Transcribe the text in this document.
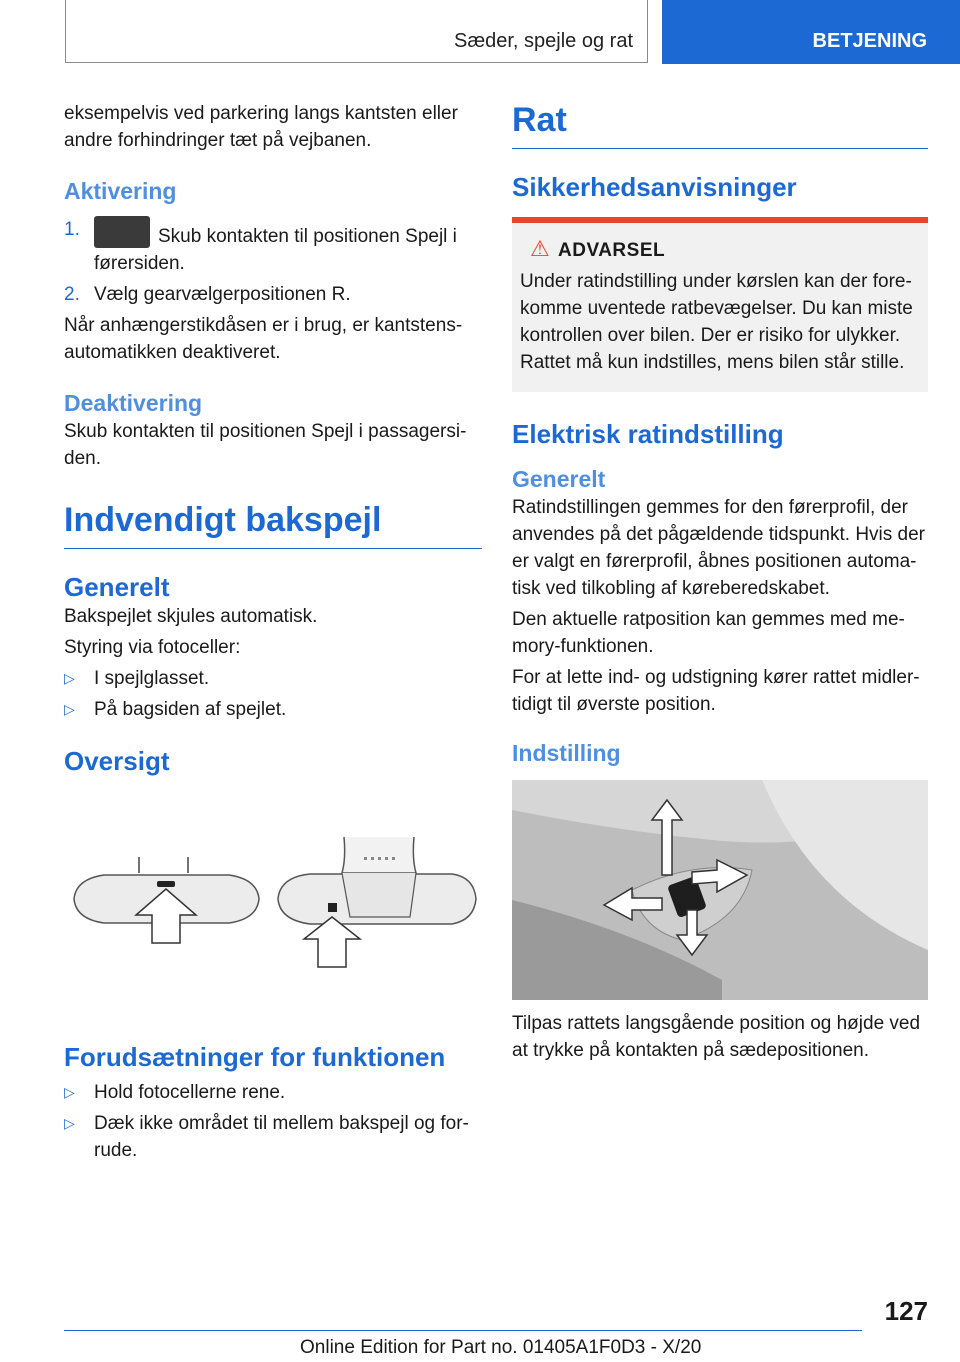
Sæder, spejle og rat	BETJENING

eksempelvis ved parkering langs kantsten eller andre forhindringer tæt på vejbanen.

Aktivering
1.	Skub kontakten til positionen Spejl i førersiden.
2. Vælg gearvælgerpositionen R.

Når anhængerstikdåsen er i brug, er kantstens-automatikken deaktiveret.

Deaktivering

Skub kontakten til positionen Spejl i passagersi-den.

Indvendigt bakspejl
Generelt

Bakspejlet skjules automatisk.

Styring via fotoceller:

▷ I spejlglasset.
▷ På bagsiden af spejlet.
Oversigt
Forudsætninger for funktionen
▷ Hold fotocellerne rene.
▷ Dæk ikke området til mellem bakspejl og for-rude.
Rat
Sikkerhedsanvisninger

⚠ ADVARSEL

Under ratindstilling under kørslen kan der fore-komme uventede ratbevægelser. Du kan miste kontrollen over bilen. Der er risiko for ulykker. Rattet må kun indstilles, mens bilen står stille.

Elektrisk ratindstilling
Generelt

Ratindstillingen gemmes for den førerprofil, der anvendes på det pågældende tidspunkt. Hvis der er valgt en førerprofil, åbnes positionen automa-tisk ved tilkobling af køreberedskabet.

Den aktuelle ratposition kan gemmes med me-mory-funktionen.

For at lette ind- og udstigning kører rattet midler-tidigt til øverste position.

Indstilling

Tilpas rattets langsgående position og højde ved at trykke på kontakten på sædepositionen.

127
Online Edition for Part no. 01405A1F0D3 - X/20
